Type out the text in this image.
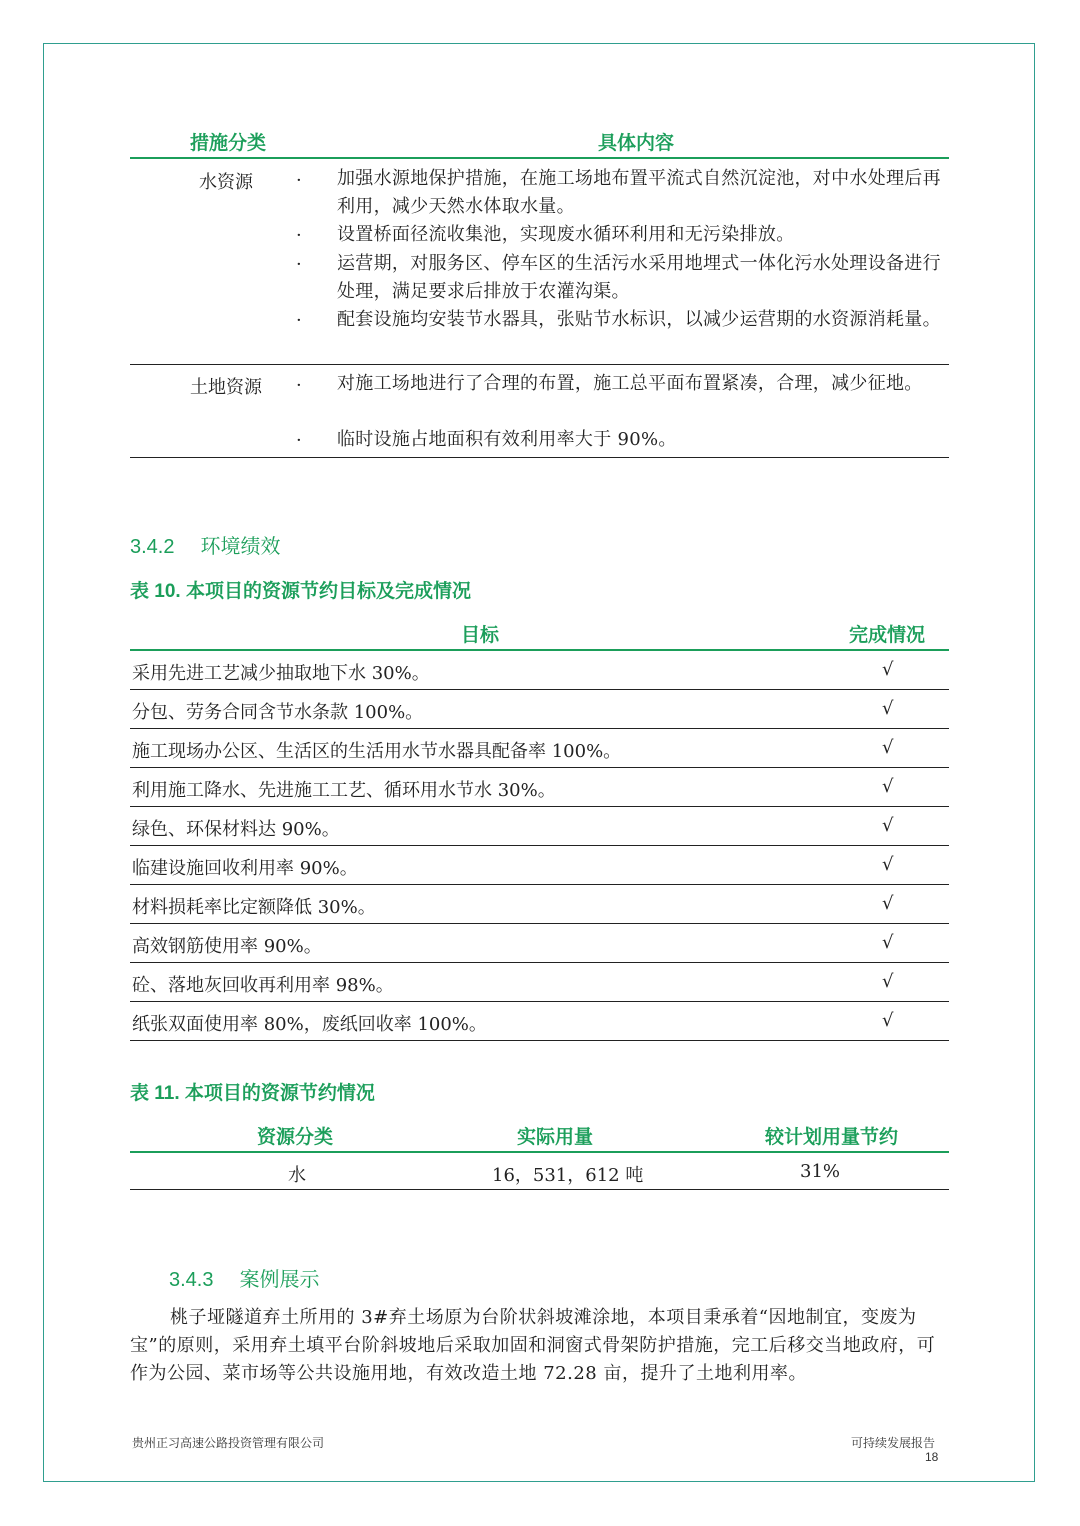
措施分类	具体内容
水资源 · 加强水源地保护措施，在施工场地布置平流式自然沉淀池，对中水处理后再利用，减少天然水体取水量。
· 设置桥面径流收集池，实现废水循环利用和无污染排放。
· 运营期，对服务区、停车区的生活污水采用地埋式一体化污水处理设备进行处理，满足要求后排放于农灌沟渠。
· 配套设施均安装节水器具，张贴节水标识，以减少运营期的水资源消耗量。
土地资源 · 对施工场地进行了合理的布置，施工总平面布置紧凑，合理，减少征地。
· 临时设施占地面积有效利用率大于 90%。
3.4.2 环境绩效
表 10. 本项目的资源节约目标及完成情况
目标	完成情况
采用先进工艺减少抽取地下水 30%。	√
分包、劳务合同含节水条款 100%。	√
施工现场办公区、生活区的生活用水节水器具配备率 100%。	√
利用施工降水、先进施工工艺、循环用水节水 30%。	√
绿色、环保材料达 90%。	√
临建设施回收利用率 90%。	√
材料损耗率比定额降低 30%。	√
高效钢筋使用率 90%。	√
砼、落地灰回收再利用率 98%。	√
纸张双面使用率 80%，废纸回收率 100%。	√
表 11. 本项目的资源节约情况
资源分类	实际用量	较计划用量节约
水	16，531，612 吨	31%
3.4.3 案例展示
桃子垭隧道弃土所用的 3#弃土场原为台阶状斜坡滩涂地，本项目秉承着“因地制宜，变废为宝”的原则，采用弃土填平台阶斜坡地后采取加固和洞窗式骨架防护措施，完工后移交当地政府，可作为公园、菜市场等公共设施用地，有效改造土地 72.28 亩，提升了土地利用率。
贵州正习高速公路投资管理有限公司	可持续发展报告
18
